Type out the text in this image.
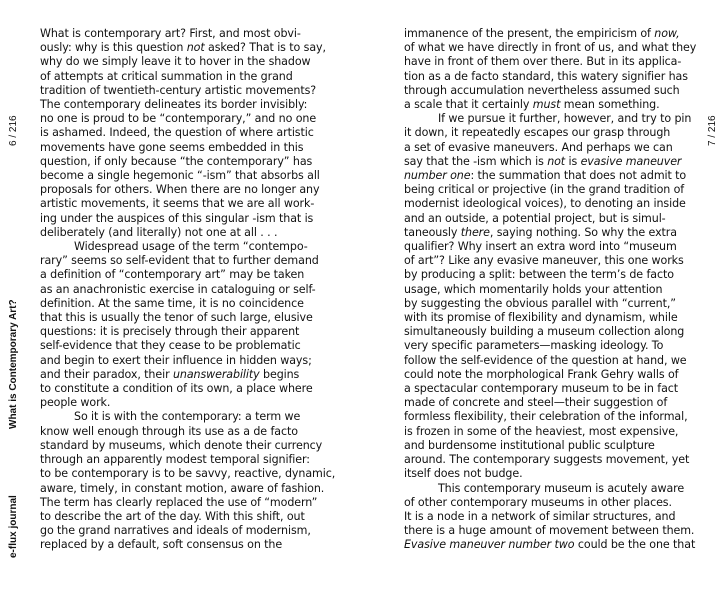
6 / 216
What is Contemporary Art?
e-flux journal
7 / 216

What is contemporary art? First, and most obvi-
ously: why is this question not asked? That is to say,
why do we simply leave it to hover in the shadow
of attempts at critical summation in the grand
tradition of twentieth-century artistic movements?
The contemporary delineates its border invisibly:
no one is proud to be “contemporary,” and no one
is ashamed. Indeed, the question of where artistic
movements have gone seems embedded in this
question, if only because “the contemporary” has
become a single hegemonic “-ism” that absorbs all
proposals for others. When there are no longer any
artistic movements, it seems that we are all work-
ing under the auspices of this singular -ism that is
deliberately (and literally) not one at all . . .

Widespread usage of the term “contempo-
rary” seems so self-evident that to further demand
a definition of “contemporary art” may be taken
as an anachronistic exercise in cataloguing or self-
definition. At the same time, it is no coincidence
that this is usually the tenor of such large, elusive
questions: it is precisely through their apparent
self-evidence that they cease to be problematic
and begin to exert their influence in hidden ways;
and their paradox, their unanswerability begins
to constitute a condition of its own, a place where
people work.

So it is with the contemporary: a term we
know well enough through its use as a de facto
standard by museums, which denote their currency
through an apparently modest temporal signifier:
to be contemporary is to be savvy, reactive, dynamic,
aware, timely, in constant motion, aware of fashion.
The term has clearly replaced the use of “modern”
to describe the art of the day. With this shift, out
go the grand narratives and ideals of modernism,
replaced by a default, soft consensus on the

immanence of the present, the empiricism of now,
of what we have directly in front of us, and what they
have in front of them over there. But in its applica-
tion as a de facto standard, this watery signifier has
through accumulation nevertheless assumed such
a scale that it certainly must mean something.

If we pursue it further, however, and try to pin
it down, it repeatedly escapes our grasp through
a set of evasive maneuvers. And perhaps we can
say that the -ism which is not is evasive maneuver
number one: the summation that does not admit to
being critical or projective (in the grand tradition of
modernist ideological voices), to denoting an inside
and an outside, a potential project, but is simul-
taneously there, saying nothing. So why the extra
qualifier? Why insert an extra word into “museum
of art”? Like any evasive maneuver, this one works
by producing a split: between the term’s de facto
usage, which momentarily holds your attention
by suggesting the obvious parallel with “current,”
with its promise of flexibility and dynamism, while
simultaneously building a museum collection along
very specific parameters—masking ideology. To
follow the self-evidence of the question at hand, we
could note the morphological Frank Gehry walls of
a spectacular contemporary museum to be in fact
made of concrete and steel—their suggestion of
formless flexibility, their celebration of the informal,
is frozen in some of the heaviest, most expensive,
and burdensome institutional public sculpture
around. The contemporary suggests movement, yet
itself does not budge.

This contemporary museum is acutely aware
of other contemporary museums in other places.
It is a node in a network of similar structures, and
there is a huge amount of movement between them.
Evasive maneuver number two could be the one that
